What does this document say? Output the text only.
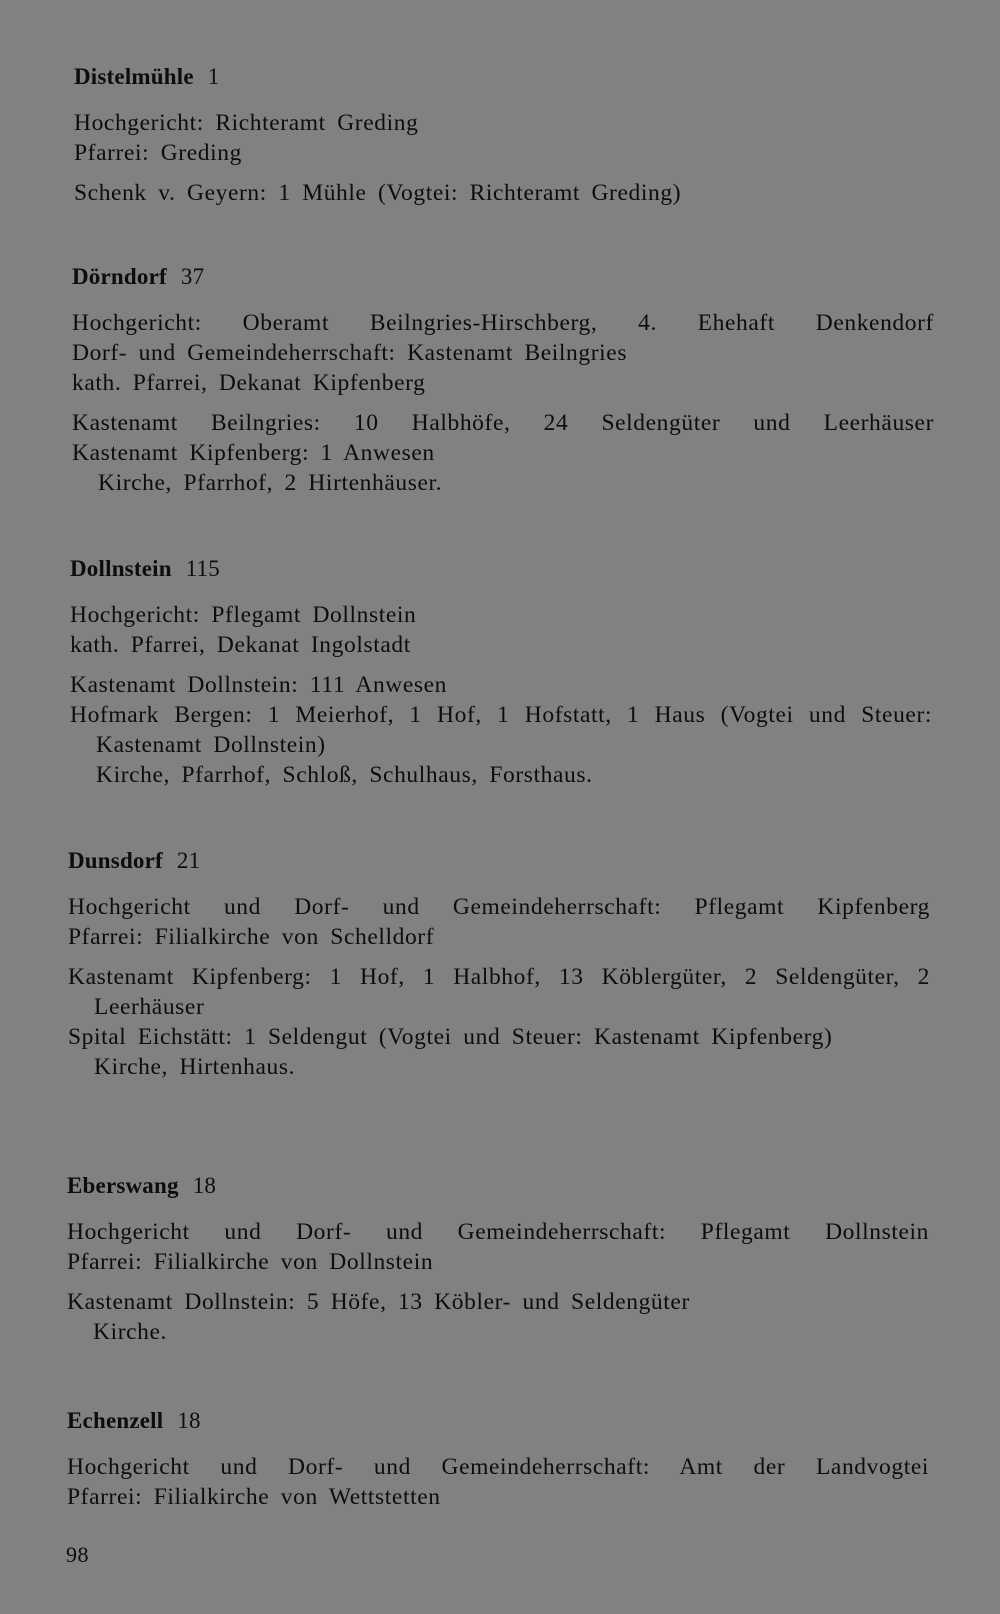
Distelmühle 1
Hochgericht: Richteramt Greding
Pfarrei: Greding
Schenk v. Geyern: 1 Mühle (Vogtei: Richteramt Greding)
Dörndorf 37
Hochgericht: Oberamt Beilngries-Hirschberg, 4. Ehehaft Denkendorf
Dorf- und Gemeindeherrschaft: Kastenamt Beilngries
kath. Pfarrei, Dekanat Kipfenberg
Kastenamt Beilngries: 10 Halbhöfe, 24 Seldengüter und Leerhäuser
Kastenamt Kipfenberg: 1 Anwesen
Kirche, Pfarrhof, 2 Hirtenhäuser.
Dollnstein 115
Hochgericht: Pflegamt Dollnstein
kath. Pfarrei, Dekanat Ingolstadt
Kastenamt Dollnstein: 111 Anwesen
Hofmark Bergen: 1 Meierhof, 1 Hof, 1 Hofstatt, 1 Haus (Vogtei und Steuer: Kastenamt Dollnstein)
Kirche, Pfarrhof, Schloß, Schulhaus, Forsthaus.
Dunsdorf 21
Hochgericht und Dorf- und Gemeindeherrschaft: Pflegamt Kipfenberg
Pfarrei: Filialkirche von Schelldorf
Kastenamt Kipfenberg: 1 Hof, 1 Halbhof, 13 Köblergüter, 2 Seldengüter, 2 Leerhäuser
Spital Eichstätt: 1 Seldengut (Vogtei und Steuer: Kastenamt Kipfenberg)
Kirche, Hirtenhaus.
Eberswang 18
Hochgericht und Dorf- und Gemeindeherrschaft: Pflegamt Dollnstein
Pfarrei: Filialkirche von Dollnstein
Kastenamt Dollnstein: 5 Höfe, 13 Köbler- und Seldengüter
Kirche.
Echenzell 18
Hochgericht und Dorf- und Gemeindeherrschaft: Amt der Landvogtei
Pfarrei: Filialkirche von Wettstetten
98
